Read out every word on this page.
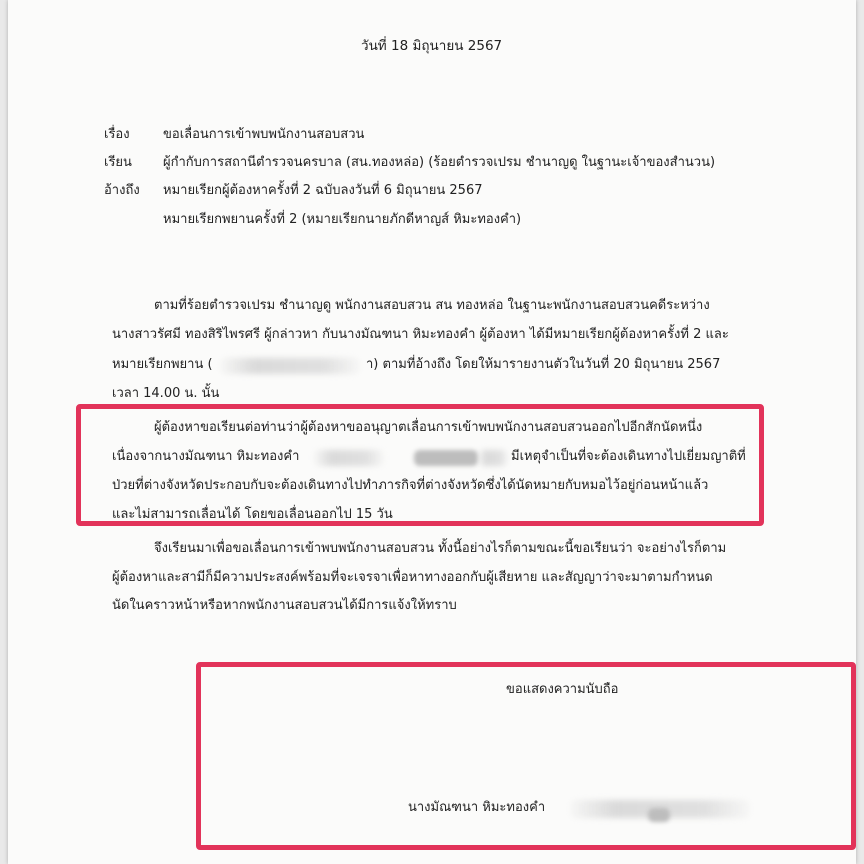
วันที่ 18 มิถุนายน 2567
เรื่อง	ขอเลื่อนการเข้าพบพนักงานสอบสวน
เรียน ผู้กำกับการสถานีตำรวจนครบาล (สน.ทองหล่อ) (ร้อยตำรวจเปรม ชำนาญดู ในฐานะเจ้าของสำนวน)
อ้างถึง หมายเรียกผู้ต้องหาครั้งที่ 2 ฉบับลงวันที่ 6 มิถุนายน 2567
หมายเรียกพยานครั้งที่ 2 (หมายเรียกนายภักดีหาญส์ หิมะทองคำ)
ตามที่ร้อยตำรวจเปรม ชำนาญดู พนักงานสอบสวน สน ทองหล่อ ในฐานะพนักงานสอบสวนคดีระหว่าง
นางสาวรัศมี ทองสิริไพรศรี ผู้กล่าวหา กับนางมัณฑนา หิมะทองคำ ผู้ต้องหา ได้มีหมายเรียกผู้ต้องหาครั้งที่ 2 และ
หมายเรียกพยาน (	า) ตามที่อ้างถึง โดยให้มารายงานตัวในวันที่ 20 มิถุนายน 2567
เวลา 14.00 น. นั้น
ผู้ต้องหาขอเรียนต่อท่านว่าผู้ต้องหาขออนุญาตเลื่อนการเข้าพบพนักงานสอบสวนออกไปอีกสักนัดหนึ่ง
เนื่องจากนางมัณฑนา หิมะทองคำ	มีเหตุจำเป็นที่จะต้องเดินทางไปเยี่ยมญาติที่
ป่วยที่ต่างจังหวัดประกอบกับจะต้องเดินทางไปทำภารกิจที่ต่างจังหวัดซึ่งได้นัดหมายกับหมอไว้อยู่ก่อนหน้าแล้ว
และไม่สามารถเลื่อนได้ โดยขอเลื่อนออกไป 15 วัน
จึงเรียนมาเพื่อขอเลื่อนการเข้าพบพนักงานสอบสวน ทั้งนี้อย่างไรก็ตามขณะนี้ขอเรียนว่า จะอย่างไรก็ตาม
ผู้ต้องหาและสามีก็มีความประสงค์พร้อมที่จะเจรจาเพื่อหาทางออกกับผู้เสียหาย และสัญญาว่าจะมาตามกำหนด
นัดในคราวหน้าหรือหากพนักงานสอบสวนได้มีการแจ้งให้ทราบ
ขอแสดงความนับถือ
นางมัณฑนา หิมะทองคำ
